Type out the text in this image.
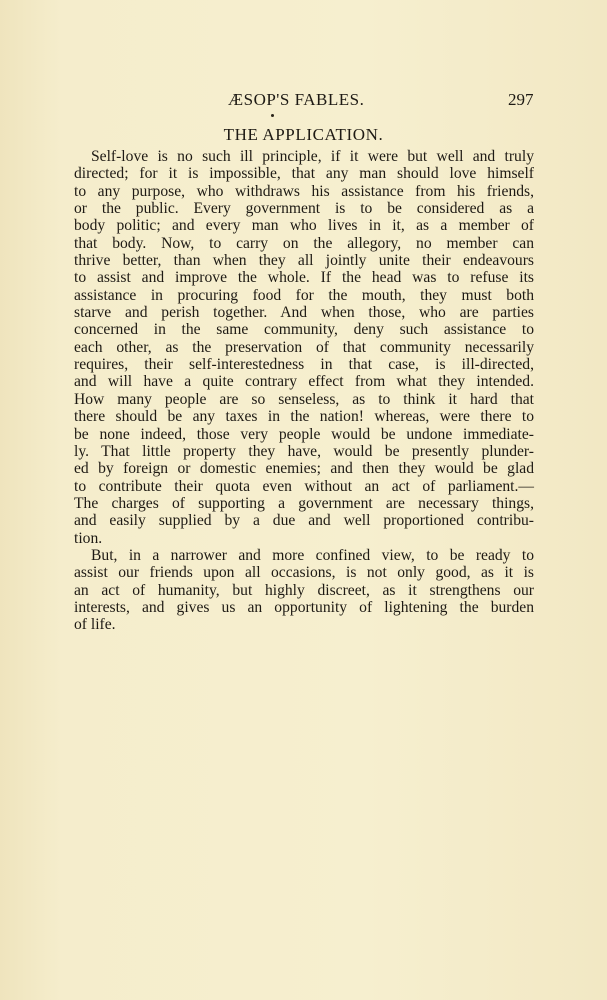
ÆSOP'S FABLES.	297
THE APPLICATION.

Self-love is no such ill principle, if it were but well and truly
directed; for it is impossible, that any man should love himself
to any purpose, who withdraws his assistance from his friends,
or the public. Every government is to be considered as a
body politic; and every man who lives in it, as a member of
that body. Now, to carry on the allegory, no member can
thrive better, than when they all jointly unite their endeavours
to assist and improve the whole. If the head was to refuse its
assistance in procuring food for the mouth, they must both
starve and perish together. And when those, who are parties
concerned in the same community, deny such assistance to
each other, as the preservation of that community necessarily
requires, their self-interestedness in that case, is ill-directed,
and will have a quite contrary effect from what they intended.
How many people are so senseless, as to think it hard that
there should be any taxes in the nation! whereas, were there to
be none indeed, those very people would be undone immediate-
ly. That little property they have, would be presently plunder-
ed by foreign or domestic enemies; and then they would be glad
to contribute their quota even without an act of parliament.—
The charges of supporting a government are necessary things,
and easily supplied by a due and well proportioned contribu-
tion.

But, in a narrower and more confined view, to be ready to
assist our friends upon all occasions, is not only good, as it is
an act of humanity, but highly discreet, as it strengthens our
interests, and gives us an opportunity of lightening the burden
of life.
